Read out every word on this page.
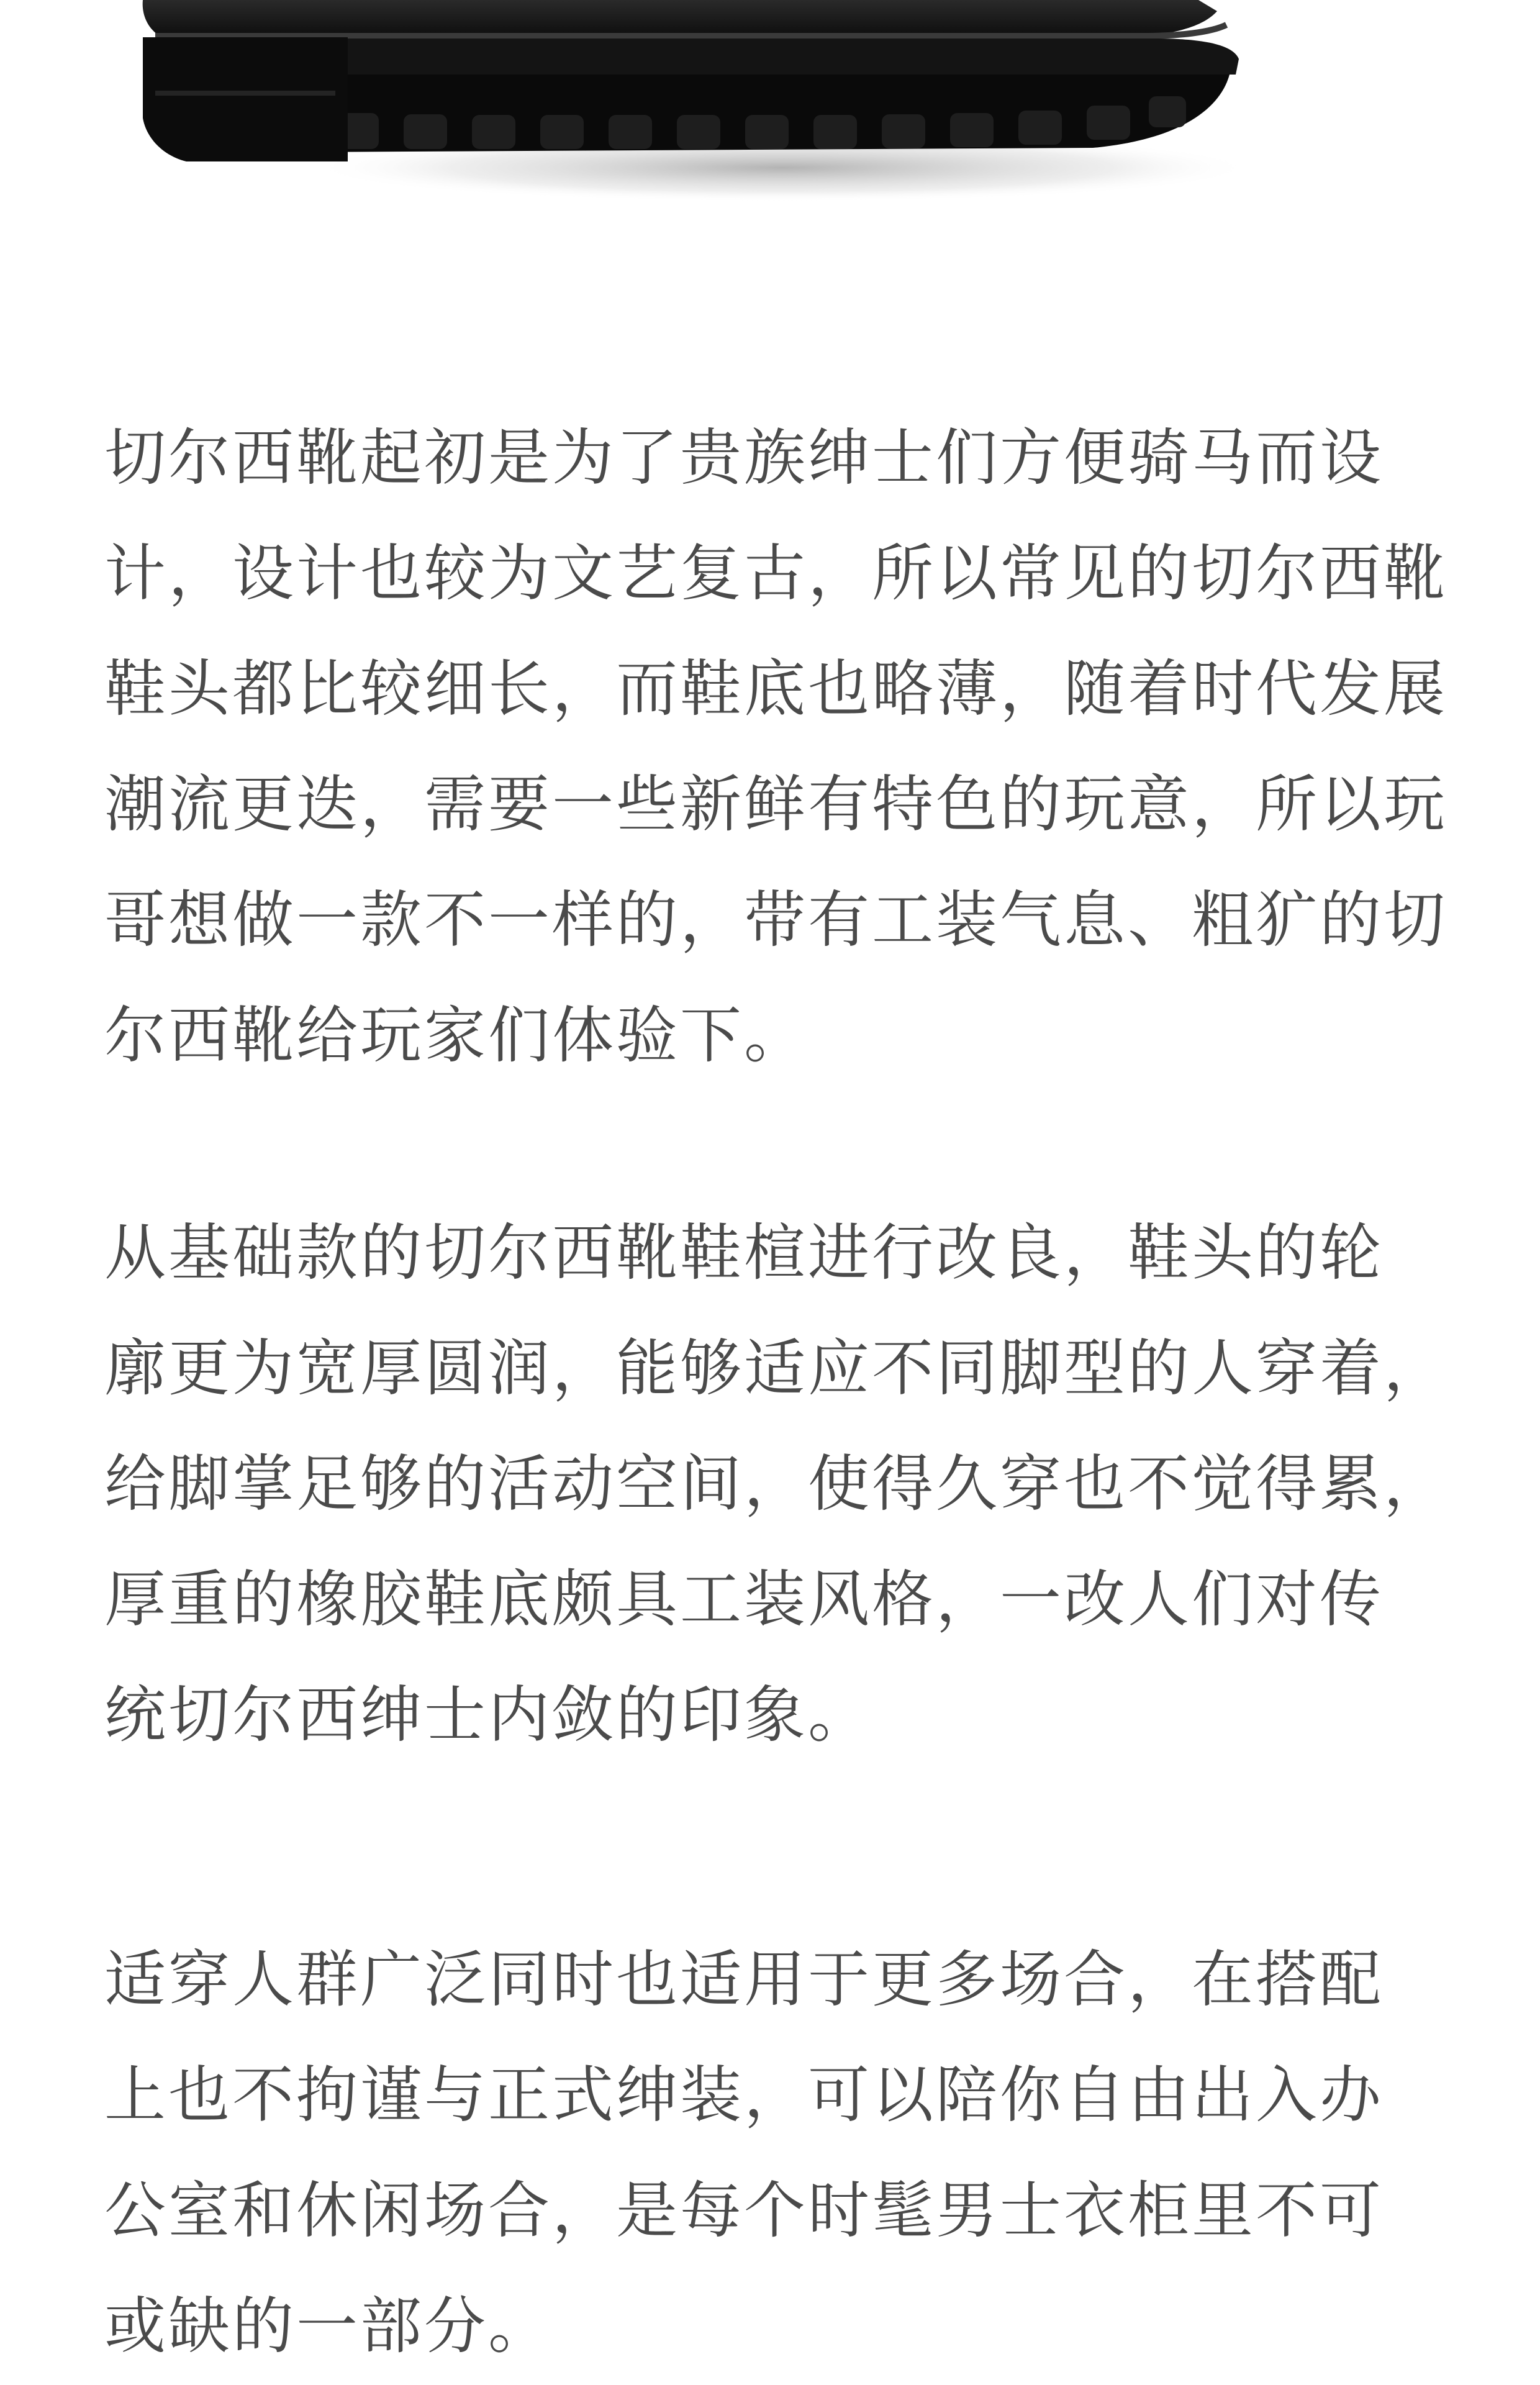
切尔西靴起初是为了贵族绅士们方便骑马而设
计，设计也较为文艺复古，所以常见的切尔西靴
鞋头都比较细长，而鞋底也略薄，随着时代发展
潮流更迭，需要一些新鲜有特色的玩意，所以玩
哥想做一款不一样的，带有工装气息、粗犷的切
尔西靴给玩家们体验下。

从基础款的切尔西靴鞋楦进行改良，鞋头的轮
廓更为宽厚圆润，能够适应不同脚型的人穿着，
给脚掌足够的活动空间，使得久穿也不觉得累，
厚重的橡胶鞋底颇具工装风格，一改人们对传
统切尔西绅士内敛的印象。

适穿人群广泛同时也适用于更多场合，在搭配
上也不拘谨与正式绅装，可以陪你自由出入办
公室和休闲场合，是每个时髦男士衣柜里不可
或缺的一部分。
